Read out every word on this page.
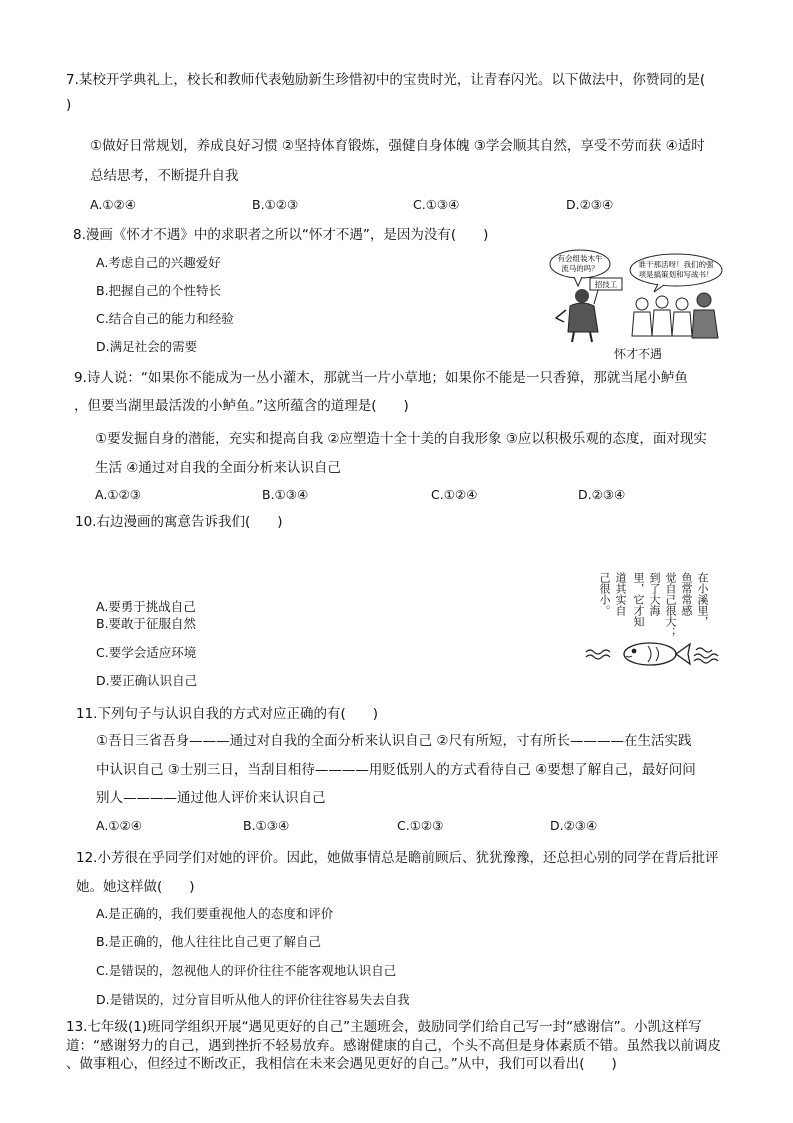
7.某校开学典礼上，校长和教师代表勉励新生珍惜初中的宝贵时光，让青春闪光。以下做法中，你赞同的是(
)
①做好日常规划，养成良好习惯 ②坚持体育锻炼，强健自身体魄 ③学会顺其自然，享受不劳而获 ④适时
总结思考，不断提升自我
A.①②④	B.①②③	C.①③④	D.②③④
8.漫画《怀才不遇》中的求职者之所以“怀才不遇”，是因为没有(　　)
A.考虑自己的兴趣爱好
B.把握自己的个性特长
C.结合自己的能力和经验
D.满足社会的需要
有会组装木牛
流马的吗？	谁干那活呀！我们的强
项是搞策划和写战书！
招技工
怀才不遇
9.诗人说：“如果你不能成为一丛小灌木，那就当一片小草地；如果你不能是一只香獐，那就当尾小鲈鱼
，但要当湖里最活泼的小鲈鱼。”这所蕴含的道理是(　　)
①要发掘自身的潜能，充实和提高自我 ②应塑造十全十美的自我形象 ③应以积极乐观的态度，面对现实
生活 ④通过对自我的全面分析来认识自己
A.①②③	B.①③④	C.①②④	D.②③④
10.右边漫画的寓意告诉我们(　　)
A.要勇于挑战自己
B.要敢于征服自然
C.要学会适应环境
D.要正确认识自己
在小溪里，
鱼常常感
觉自己很大；
到了大海
里，它才知
道其实自
己很小。
11.下列句子与认识自我的方式对应正确的有(　　)
①吾日三省吾身———通过对自我的全面分析来认识自己 ②尺有所短，寸有所长————在生活实践
中认识自己 ③士别三日，当刮目相待————用贬低别人的方式看待自己 ④要想了解自己，最好问问
别人————通过他人评价来认识自己
A.①②④	B.①③④	C.①②③	D.②③④
12.小芳很在乎同学们对她的评价。因此，她做事情总是瞻前顾后、犹犹豫豫，还总担心别的同学在背后批评
她。她这样做(　　)
A.是正确的，我们要重视他人的态度和评价
B.是正确的，他人往往比自己更了解自己
C.是错误的，忽视他人的评价往往不能客观地认识自己
D.是错误的，过分盲目听从他人的评价往往容易失去自我
13.七年级(1)班同学组织开展“遇见更好的自己”主题班会，鼓励同学们给自己写一封“感谢信”。小凯这样写
道：“感谢努力的自己，遇到挫折不轻易放弃。感谢健康的自己，个头不高但是身体素质不错。虽然我以前调皮
、做事粗心，但经过不断改正，我相信在未来会遇见更好的自己。”从中，我们可以看出(　　)
